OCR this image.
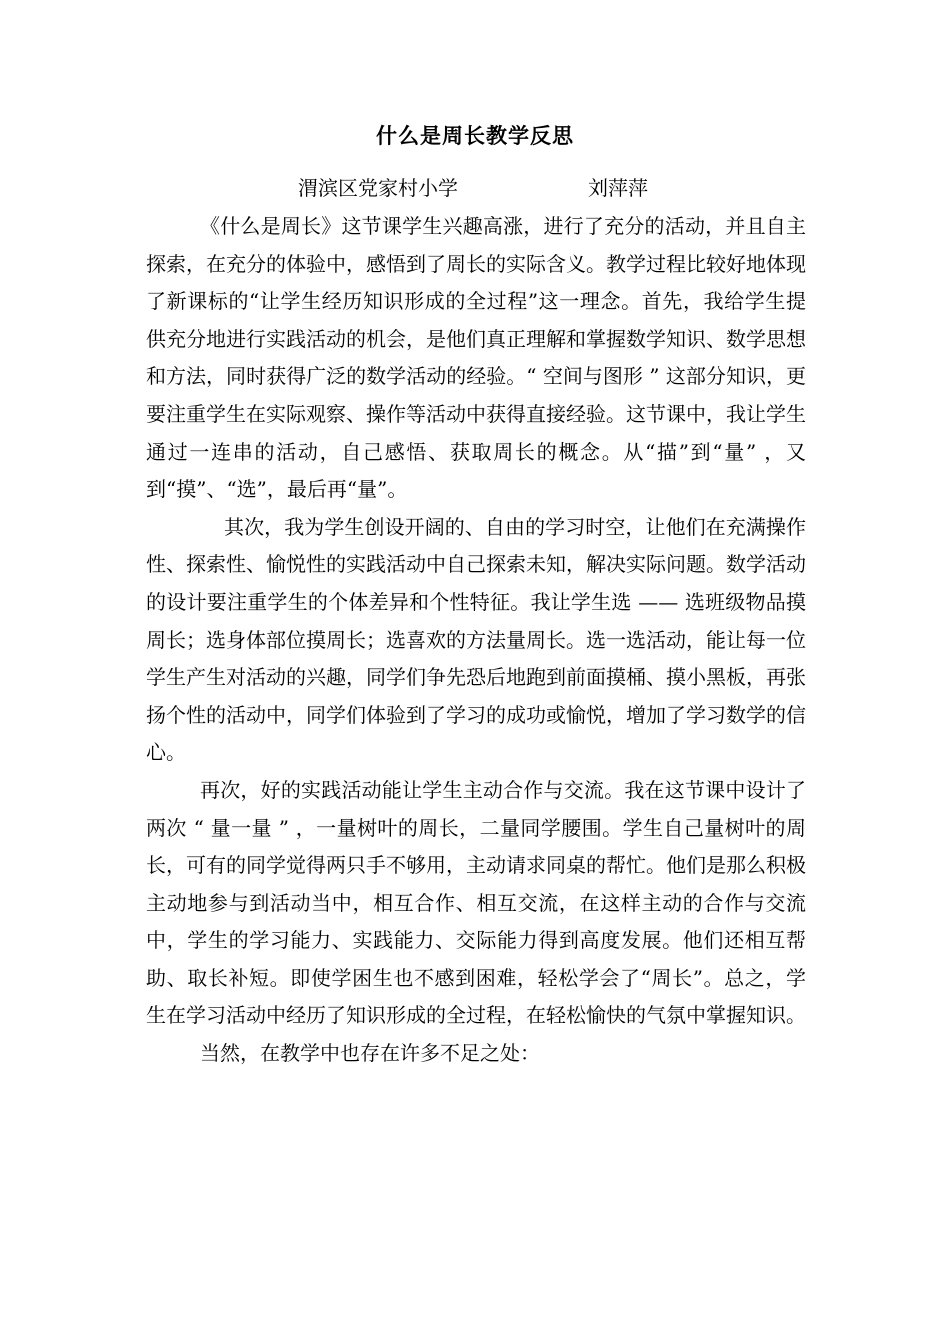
什么是周长教学反思
渭滨区党家村小学	刘萍萍

《什么是周长》这节课学生兴趣高涨，进行了充分的活动，并且自主探索，在充分的体验中，感悟到了周长的实际含义。教学过程比较好地体现了新课标的“让学生经历知识形成的全过程”这一理念。首先，我给学生提供充分地进行实践活动的机会，是他们真正理解和掌握数学知识、数学思想和方法，同时获得广泛的数学活动的经验。“ 空间与图形 ” 这部分知识，更要注重学生在实际观察、操作等活动中获得直接经验。这节课中，我让学生通过一连串的活动，自己感悟、获取周长的概念。从“描”到“量” ，又到“摸”、“选”，最后再“量”。

其次，我为学生创设开阔的、自由的学习时空，让他们在充满操作性、探索性、愉悦性的实践活动中自己探索未知，解决实际问题。数学活动的设计要注重学生的个体差异和个性特征。我让学生选 —— 选班级物品摸周长；选身体部位摸周长；选喜欢的方法量周长。选一选活动，能让每一位学生产生对活动的兴趣，同学们争先恐后地跑到前面摸桶、摸小黑板，再张扬个性的活动中，同学们体验到了学习的成功或愉悦，增加了学习数学的信心。

再次，好的实践活动能让学生主动合作与交流。我在这节课中设计了两次 “ 量一量 ” ，一量树叶的周长，二量同学腰围。学生自己量树叶的周长，可有的同学觉得两只手不够用，主动请求同桌的帮忙。他们是那么积极主动地参与到活动当中，相互合作、相互交流，在这样主动的合作与交流中，学生的学习能力、实践能力、交际能力得到高度发展。他们还相互帮助、取长补短。即使学困生也不感到困难，轻松学会了“周长”。总之，学生在学习活动中经历了知识形成的全过程，在轻松愉快的气氛中掌握知识。

当然，在教学中也存在许多不足之处：
